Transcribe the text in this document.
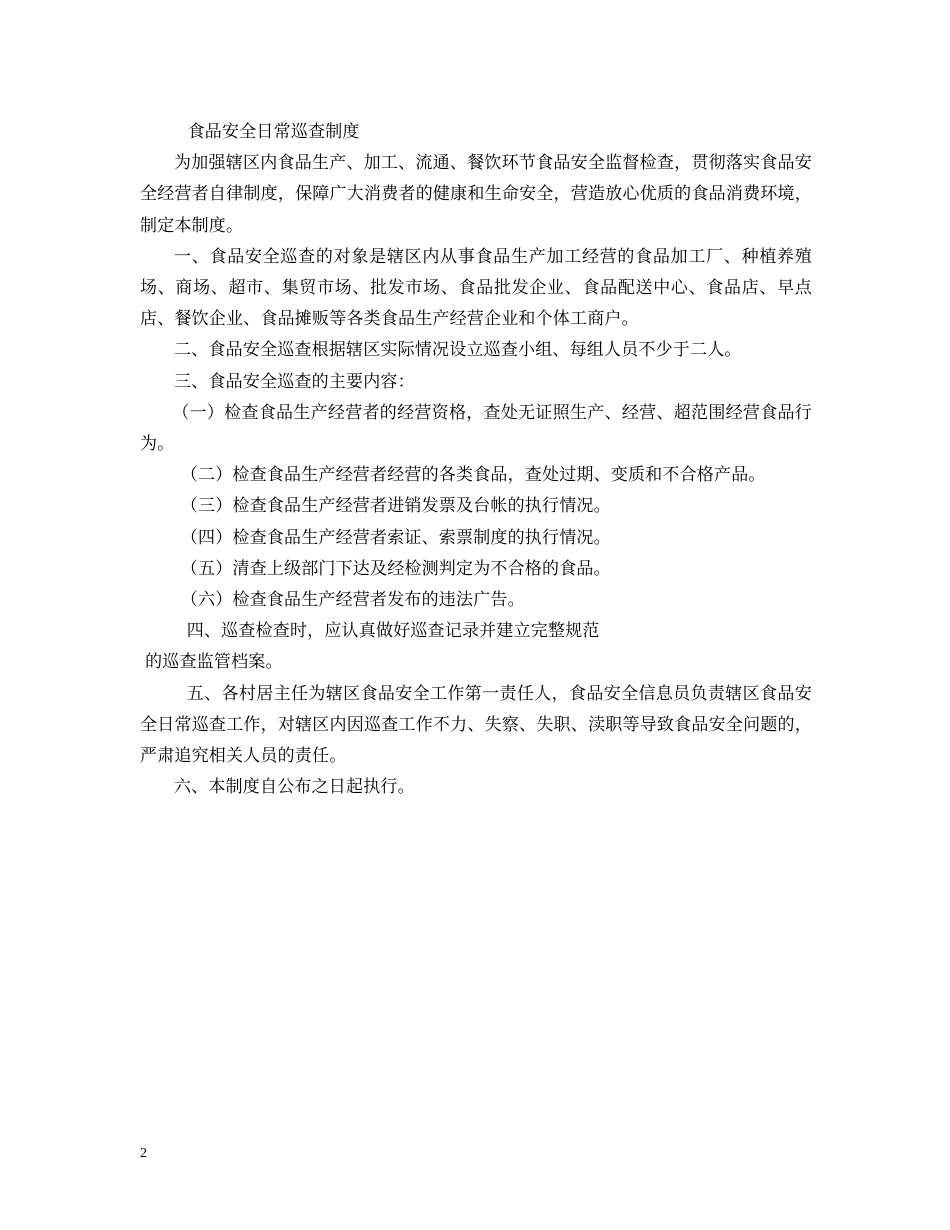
食品安全日常巡查制度

为加强辖区内食品生产、加工、流通、餐饮环节食品安全监督检查，贯彻落实食品安全经营者自律制度，保障广大消费者的健康和生命安全，营造放心优质的食品消费环境，制定本制度。

一、食品安全巡查的对象是辖区内从事食品生产加工经营的食品加工厂、种植养殖场、商场、超市、集贸市场、批发市场、食品批发企业、食品配送中心、食品店、早点店、餐饮企业、食品摊贩等各类食品生产经营企业和个体工商户。

二、食品安全巡查根据辖区实际情况设立巡查小组、每组人员不少于二人。

三、食品安全巡查的主要内容：

（一）检查食品生产经营者的经营资格，查处无证照生产、经营、超范围经营食品行为。

（二）检查食品生产经营者经营的各类食品，查处过期、变质和不合格产品。

（三）检查食品生产经营者进销发票及台帐的执行情况。

（四）检查食品生产经营者索证、索票制度的执行情况。

（五）清查上级部门下达及经检测判定为不合格的食品。

（六）检查食品生产经营者发布的违法广告。

四、巡查检查时，应认真做好巡查记录并建立完整规范

的巡查监管档案。

五、各村居主任为辖区食品安全工作第一责任人，食品安全信息员负责辖区食品安全日常巡查工作，对辖区内因巡查工作不力、失察、失职、渎职等导致食品安全问题的，严肃追究相关人员的责任。

六、本制度自公布之日起执行。

2
